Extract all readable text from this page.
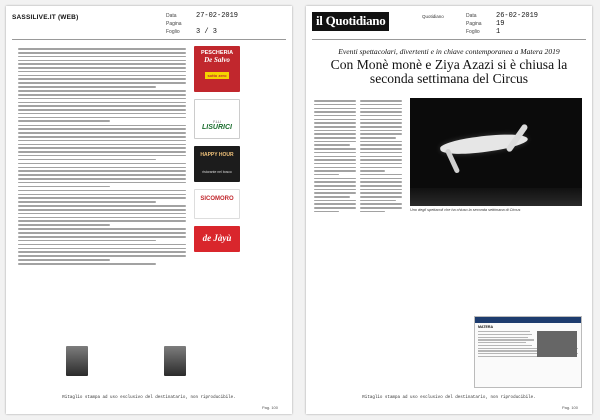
SASSILIVE.IT (WEB)	Data	27-02-2019
Pagina
Foglio	3 / 3

PESCHERIA
De Salvo
sotto zero
F.LLI
LISURICI
HAPPY HOUR
ristorante nel bosco
SICOMORO
de Jàyù
Ritaglio stampa ad uso esclusivo del destinatario, non riproducibile.
Pag. 100
il Quotidiano	Quotidiano	Data	26-02-2019
Pagina	19
Foglio	1
Eventi spettacolari, divertenti e in chiave contemporanea a Matera 2019
Con Monè monè e Ziya Azazi si è chiusa la seconda settimana del Circus
Uno degli spettacoli che ha chiuso la seconda settimana di Circus
MATERA
Ritaglio stampa ad uso esclusivo del destinatario, non riproducibile.
Pag. 100
